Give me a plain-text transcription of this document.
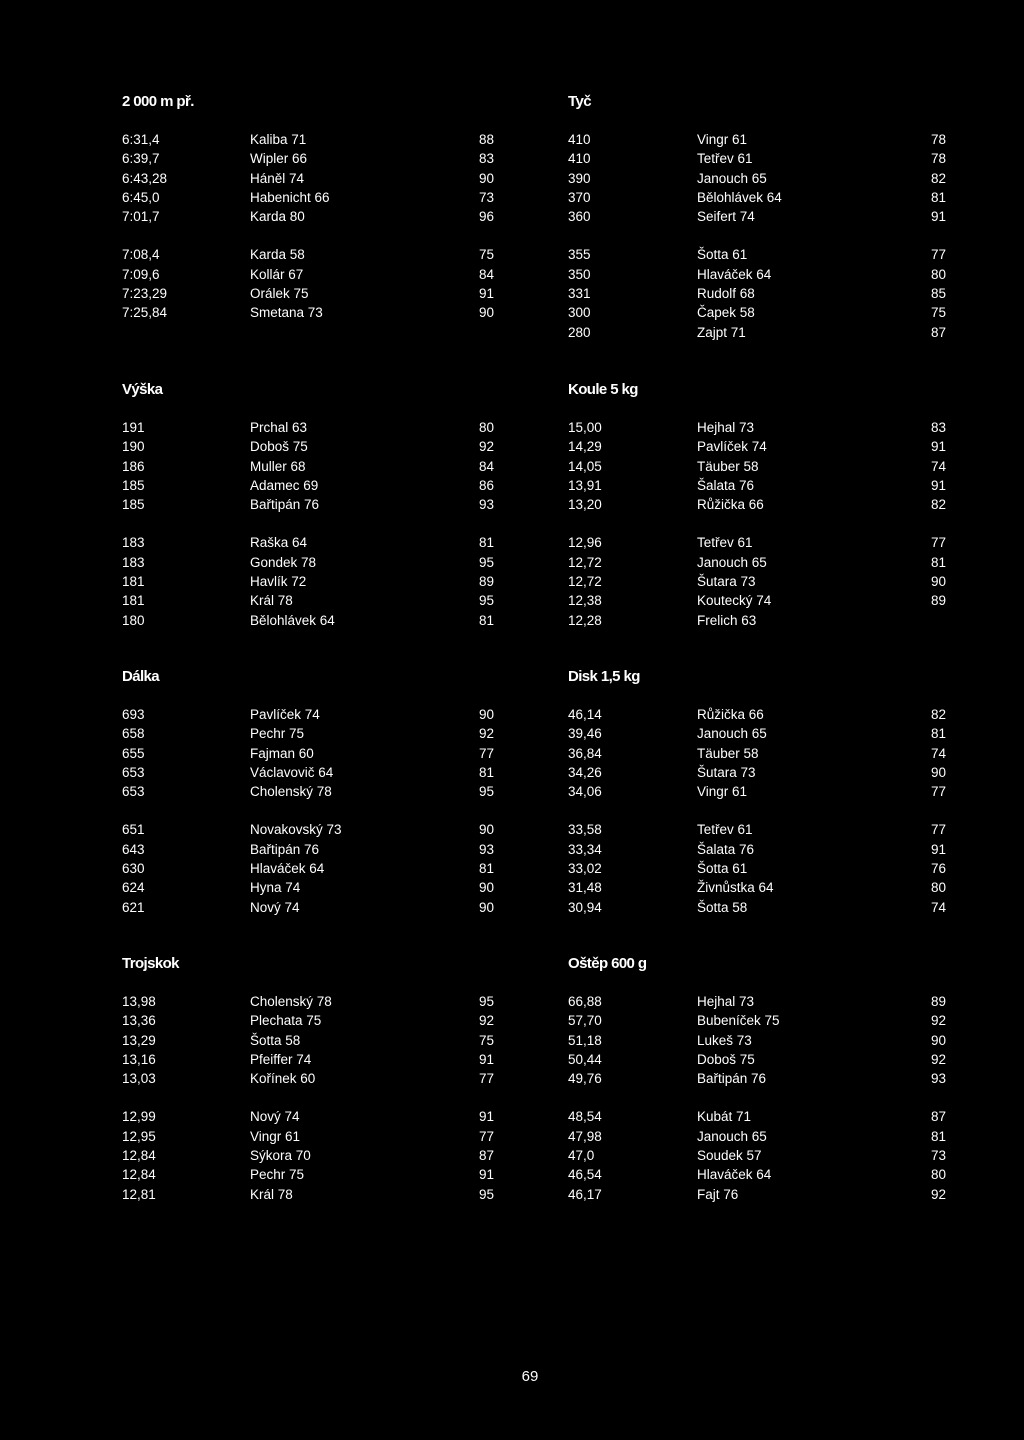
2 000 m př.
6:31,4	Kaliba 71	88
6:39,7	Wipler 66	83
6:43,28	Háněl 74	90
6:45,0	Habenicht 66	73
7:01,7	Karda 80	96
7:08,4	Karda 58	75
7:09,6	Kollár 67	84
7:23,29	Orálek 75	91
7:25,84	Smetana 73	90
Tyč
410	Vingr 61	78
410	Tetřev 61	78
390	Janouch 65	82
370	Bělohlávek 64	81
360	Seifert 74	91
355	Šotta 61	77
350	Hlaváček 64	80
331	Rudolf 68	85
300	Čapek 58	75
280	Zajpt 71	87
Výška
191	Prchal 63	80
190	Doboš 75	92
186	Muller 68	84
185	Adamec 69	86
185	Bařtipán 76	93
183	Raška 64	81
183	Gondek 78	95
181	Havlík 72	89
181	Král 78	95
180	Bělohlávek 64	81
Koule 5 kg
15,00	Hejhal 73	83
14,29	Pavlíček 74	91
14,05	Täuber 58	74
13,91	Šalata 76	91
13,20	Růžička 66	82
12,96	Tetřev 61	77
12,72	Janouch 65	81
12,72	Šutara 73	90
12,38	Koutecký 74	89
12,28	Frelich 63
Dálka
693	Pavlíček 74	90
658	Pechr 75	92
655	Fajman 60	77
653	Václavovič 64	81
653	Cholenský 78	95
651	Novakovský 73	90
643	Bařtipán 76	93
630	Hlaváček 64	81
624	Hyna 74	90
621	Nový 74	90
Disk 1,5 kg
46,14	Růžička 66	82
39,46	Janouch 65	81
36,84	Täuber 58	74
34,26	Šutara 73	90
34,06	Vingr 61	77
33,58	Tetřev 61	77
33,34	Šalata 76	91
33,02	Šotta 61	76
31,48	Živnůstka 64	80
30,94	Šotta 58	74
Trojskok
13,98	Cholenský 78	95
13,36	Plechata 75	92
13,29	Šotta 58	75
13,16	Pfeiffer 74	91
13,03	Kořínek 60	77
12,99	Nový 74	91
12,95	Vingr 61	77
12,84	Sýkora 70	87
12,84	Pechr 75	91
12,81	Král 78	95
Oštěp 600 g
66,88	Hejhal 73	89
57,70	Bubeníček 75	92
51,18	Lukeš 73	90
50,44	Doboš 75	92
49,76	Bařtipán 76	93
48,54	Kubát 71	87
47,98	Janouch 65	81
47,0	Soudek 57	73
46,54	Hlaváček 64	80
46,17	Fajt 76	92
69
